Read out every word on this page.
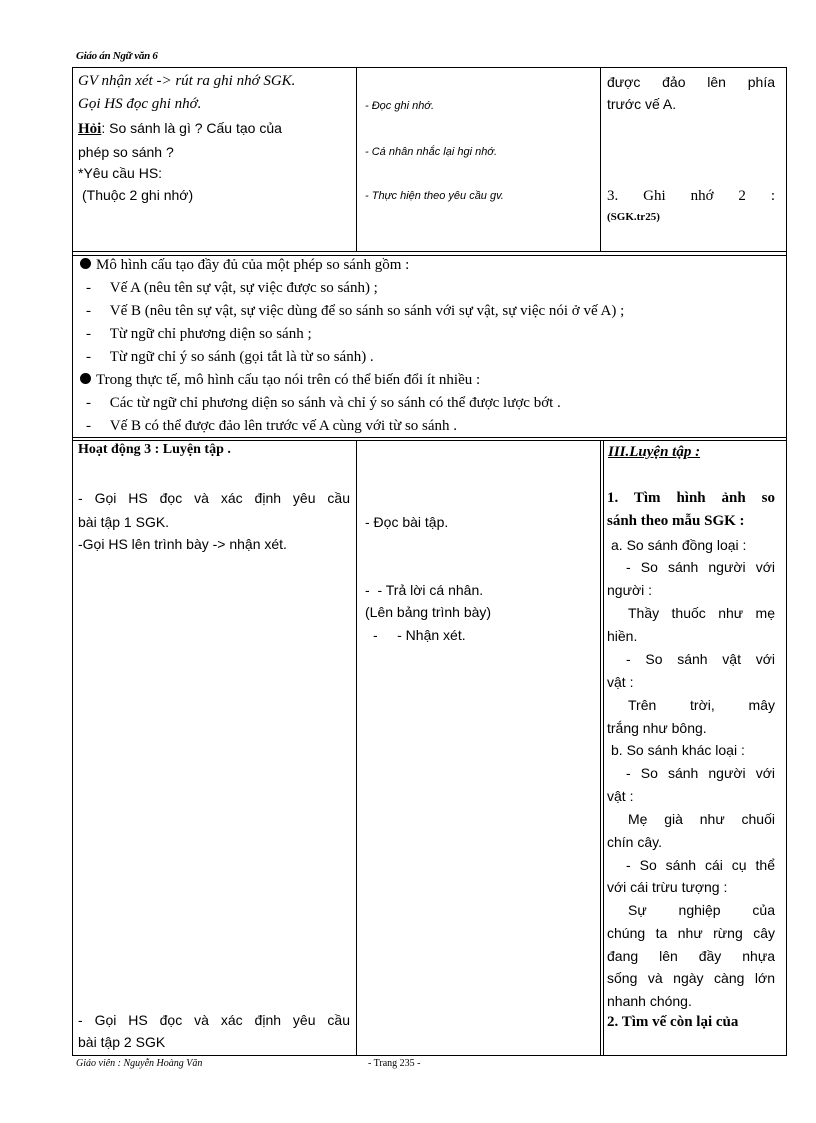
Giáo án Ngữ văn 6
GV nhận xét -> rút ra ghi nhớ SGK.
Gọi HS đọc ghi nhớ.
Hỏi: So sánh là gì ? Cấu tạo của
phép so sánh ?
*Yêu cầu HS:
(Thuộc 2 ghi nhớ)
- Đọc ghi nhớ.
- Cá nhân nhắc lại hgi nhớ.
- Thực hiện theo yêu cầu gv.
được đảo lên phía
trước vế A.
3. Ghi nhớ 2 :
(SGK.tr25)
Mô hình cấu tạo đầy đủ của một phép so sánh gồm :
-     Vế A (nêu tên sự vật, sự việc được so sánh) ;
-     Vế B (nêu tên sự vật, sự việc dùng để so sánh so sánh với sự vật, sự việc nói ở vế A) ;
-     Từ ngữ chỉ phương diện so sánh ;
-     Từ ngữ chỉ ý so sánh (gọi tắt là từ so sánh) .
Trong thực tế, mô hình cấu tạo nói trên có thể biến đổi ít nhiều :
-     Các từ ngữ chỉ phương diện so sánh và chỉ ý so sánh có thể được lược bớt .
-     Vế B có thể được đảo lên trước vế A cùng với từ so sánh .
Hoạt động 3 : Luyện tập .
- Gọi HS đọc và xác định yêu cầu
bài tập 1 SGK.
-Gọi HS lên trình bày -> nhận xét.
- Gọi HS đọc và xác định yêu cầu
bài tập 2 SGK
- Đọc bài tập.
-  - Trả lời cá nhân.
(Lên bảng trình bày)
-     - Nhận xét.
III.Luyện tập :
1. Tìm hình ảnh so
sánh theo mẫu SGK :
a. So sánh đồng loại :
- So sánh người với
người :
Thầy thuốc như mẹ
hiền.
- So sánh vật với
vật :
Trên trời, mây
trắng như bông.
b. So sánh khác loại :
- So sánh người với
vật :
Mẹ già như chuối
chín cây.
- So sánh cái cụ thể
với cái trừu tượng :
Sự nghiệp của
chúng ta như rừng cây
đang lên đầy nhựa
sống và ngày càng lớn
nhanh chóng.
2. Tìm vế còn lại của
Giáo viên : Nguyễn Hoàng Văn	- Trang 235 -
